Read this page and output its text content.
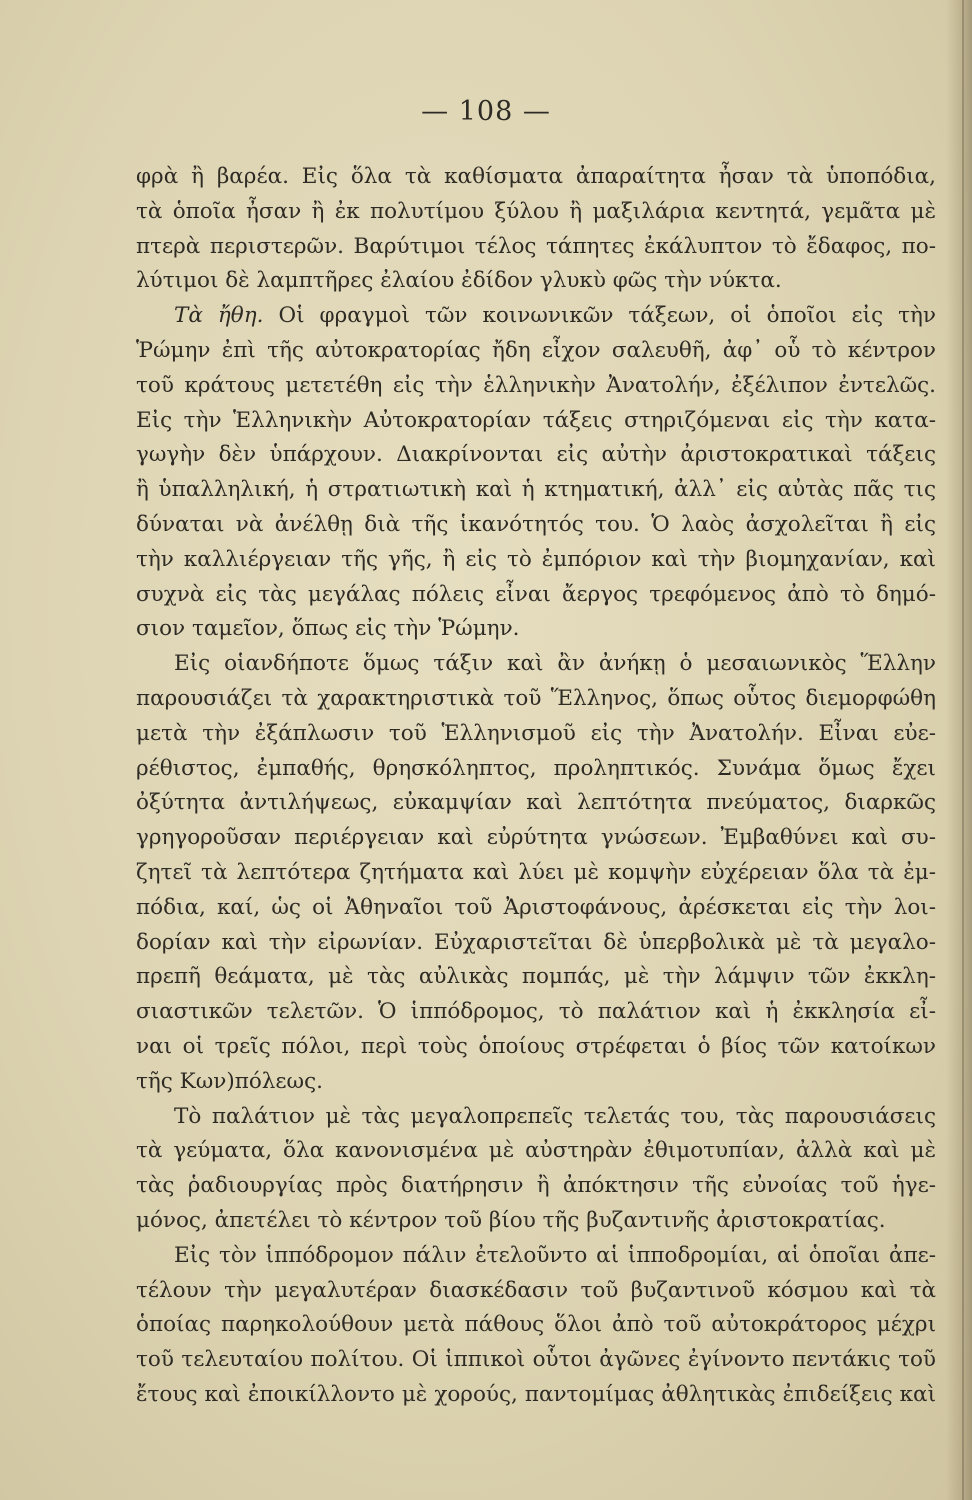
— 108 —
φρὰ ἢ βαρέα. Εἰς ὅλα τὰ καθίσματα ἀπαραίτητα ἦσαν τὰ ὑποπόδια,
τὰ ὁποῖα ἦσαν ἢ ἐκ πολυτίμου ξύλου ἢ μαξιλάρια κεντητά, γεμᾶτα μὲ
πτερὰ περιστερῶν. Βαρύτιμοι τέλος τάπητες ἐκάλυπτον τὸ ἔδαφος, πο-
λύτιμοι δὲ λαμπτῆρες ἐλαίου ἐδίδον γλυκὺ φῶς τὴν νύκτα.
Τὰ ἤθη. Οἱ φραγμοὶ τῶν κοινωνικῶν τάξεων, οἱ ὁποῖοι εἰς τὴν
Ῥώμην ἐπὶ τῆς αὐτοκρατορίας ἤδη εἶχον σαλευθῆ, ἀφ᾽ οὗ τὸ κέντρον
τοῦ κράτους μετετέθη εἰς τὴν ἑλληνικὴν Ἀνατολήν, ἐξέλιπον ἐντελῶς.
Εἰς τὴν Ἑλληνικὴν Αὐτοκρατορίαν τάξεις στηριζόμεναι εἰς τὴν κατα-
γωγὴν δὲν ὑπάρχουν. Διακρίνονται εἰς αὐτὴν ἀριστοκρατικαὶ τάξεις
ἢ ὑπαλληλική, ἡ στρατιωτικὴ καὶ ἡ κτηματική, ἀλλ᾽ εἰς αὐτὰς πᾶς τις
δύναται νὰ ἀνέλθῃ διὰ τῆς ἱκανότητός του. Ὁ λαὸς ἀσχολεῖται ἢ εἰς
τὴν καλλιέργειαν τῆς γῆς, ἢ εἰς τὸ ἐμπόριον καὶ τὴν βιομηχανίαν, καὶ
συχνὰ εἰς τὰς μεγάλας πόλεις εἶναι ἄεργος τρεφόμενος ἀπὸ τὸ δημό-
σιον ταμεῖον, ὅπως εἰς τὴν Ῥώμην.
Εἰς οἱανδήποτε ὅμως τάξιν καὶ ἂν ἀνήκῃ ὁ μεσαιωνικὸς Ἕλλην
παρουσιάζει τὰ χαρακτηριστικὰ τοῦ Ἕλληνος, ὅπως οὗτος διεμορφώθη
μετὰ τὴν ἐξάπλωσιν τοῦ Ἑλληνισμοῦ εἰς τὴν Ἀνατολήν. Εἶναι εὐε-
ρέθιστος, ἐμπαθής, θρησκόληπτος, προληπτικός. Συνάμα ὅμως ἔχει
ὀξύτητα ἀντιλήψεως, εὐκαμψίαν καὶ λεπτότητα πνεύματος, διαρκῶς
γρηγοροῦσαν περιέργειαν καὶ εὐρύτητα γνώσεων. Ἐμβαθύνει καὶ συ-
ζητεῖ τὰ λεπτότερα ζητήματα καὶ λύει μὲ κομψὴν εὐχέρειαν ὅλα τὰ ἐμ-
πόδια, καί, ὡς οἱ Ἀθηναῖοι τοῦ Ἀριστοφάνους, ἀρέσκεται εἰς τὴν λοι-
δορίαν καὶ τὴν εἰρωνίαν. Εὐχαριστεῖται δὲ ὑπερβολικὰ μὲ τὰ μεγαλο-
πρεπῆ θεάματα, μὲ τὰς αὐλικὰς πομπάς, μὲ τὴν λάμψιν τῶν ἐκκλη-
σιαστικῶν τελετῶν. Ὁ ἱππόδρομος, τὸ παλάτιον καὶ ἡ ἐκκλησία εἶ-
ναι οἱ τρεῖς πόλοι, περὶ τοὺς ὁποίους στρέφεται ὁ βίος τῶν κατοίκων
τῆς Κων)πόλεως.
Τὸ παλάτιον μὲ τὰς μεγαλοπρεπεῖς τελετάς του, τὰς παρουσιάσεις
τὰ γεύματα, ὅλα κανονισμένα μὲ αὐστηρὰν ἐθιμοτυπίαν, ἀλλὰ καὶ μὲ
τὰς ῥαδιουργίας πρὸς διατήρησιν ἢ ἀπόκτησιν τῆς εὐνοίας τοῦ ἡγε-
μόνος, ἀπετέλει τὸ κέντρον τοῦ βίου τῆς βυζαντινῆς ἀριστοκρατίας.
Εἰς τὸν ἱππόδρομον πάλιν ἐτελοῦντο αἱ ἱπποδρομίαι, αἱ ὁποῖαι ἀπε-
τέλουν τὴν μεγαλυτέραν διασκέδασιν τοῦ βυζαντινοῦ κόσμου καὶ τὰ
ὁποίας παρηκολούθουν μετὰ πάθους ὅλοι ἀπὸ τοῦ αὐτοκράτορος μέχρι
τοῦ τελευταίου πολίτου. Οἱ ἱππικοὶ οὗτοι ἀγῶνες ἐγίνοντο πεντάκις τοῦ
ἔτους καὶ ἐποικίλλοντο μὲ χορούς, παντομίμας ἀθλητικὰς ἐπιδείξεις καὶ
